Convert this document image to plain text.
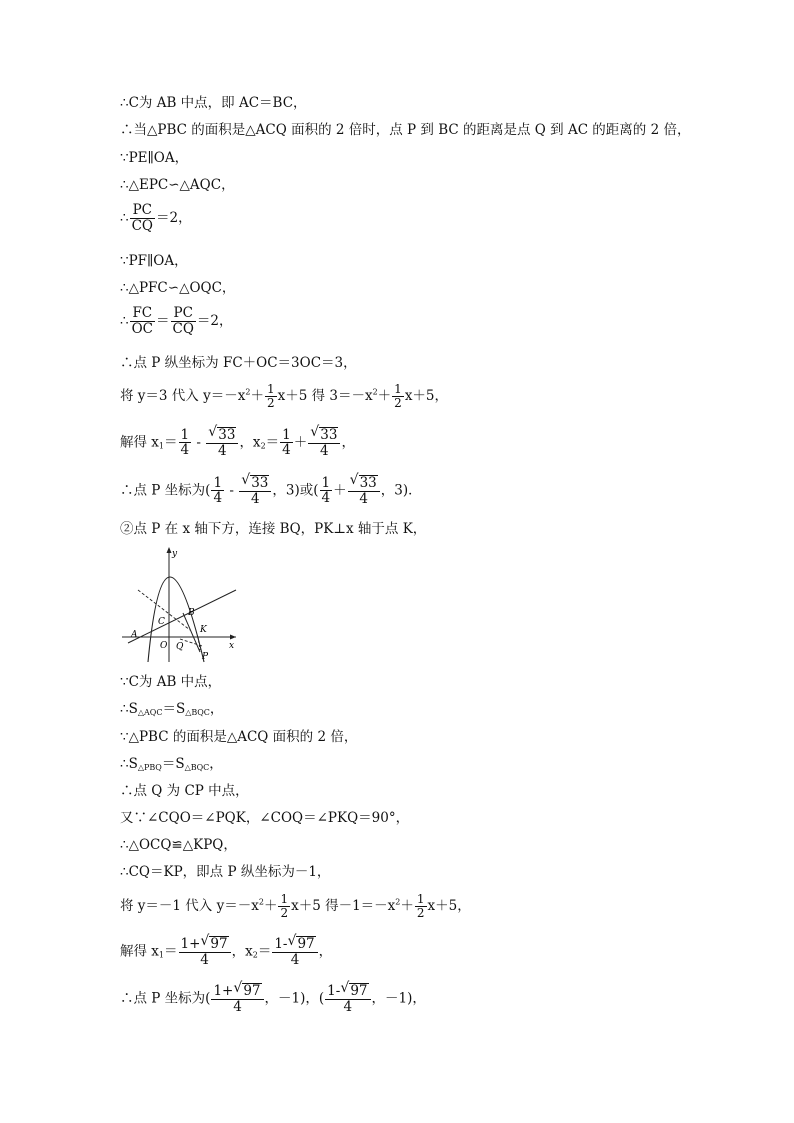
∴C为 AB 中点，即 AC＝BC，
∴当△PBC 的面积是△ACQ 面积的 2 倍时，点 P 到 BC 的距离是点 Q 到 AC 的距离的 2 倍，
∵PE∥OA，
∴△EPC∽△AQC，
∴ $\frac{PC}{CQ} =2$，
∵PF∥OA，
∴△PFC∽△OQC，
∴ $\frac{FC}{OC} = \frac{PC}{CQ} =2$，
∴点 P 纵坐标为 FC＋OC＝3OC＝3，
将 y＝3 代入 $y=-x^2+ \frac{1}{2} x+5$ 得 $3=-x^2+ \frac{1}{2} x+5$，
解得 $x_1= \frac{1}{4}$ - √ $\frac{33}{4}$ ，$x_2= \frac{1}{4}$ ＋ √ $\frac{33}{4}$ ，
∴点 P 坐标为( $\frac{1}{4}$ - √ $\frac{33}{4}$ ，3)或( $\frac{1}{4}$ ＋ √ $\frac{33}{4}$ ，3)．
②点 P 在 x 轴下方，连接 BQ，PK⊥x 轴于点 K，
y
x
A
O
C
Q
B
K
P
∵C为 AB 中点，
$\therefore S_{\triangle AQC}=S_{\triangle BQC}$，
∵△PBC 的面积是△ACQ 面积的 2 倍，
$\therefore S_{\triangle PBQ}=S_{\triangle BQC}$，
∴点 Q 为 CP 中点，
又∵∠CQO＝∠PQK，∠COQ＝∠PKQ＝90°，
∴△OCQ≌△KPQ，
∴CQ＝KP，即点 P 纵坐标为－1，
将 y＝－1 代入 $y=-x^2+ \frac{1}{2} x+5$ 得$-1=-x^2+ \frac{1}{2} x+5$，
解得 $x_1= \frac{1+ √ 97}{4}$ ，$x_2= \frac{1- √ 97}{4}$ ，
∴点 P 坐标为( $\frac{1+ √ 97}{4}$ ，－1)，( $\frac{1- √ 97}{4}$ ，－1)，
